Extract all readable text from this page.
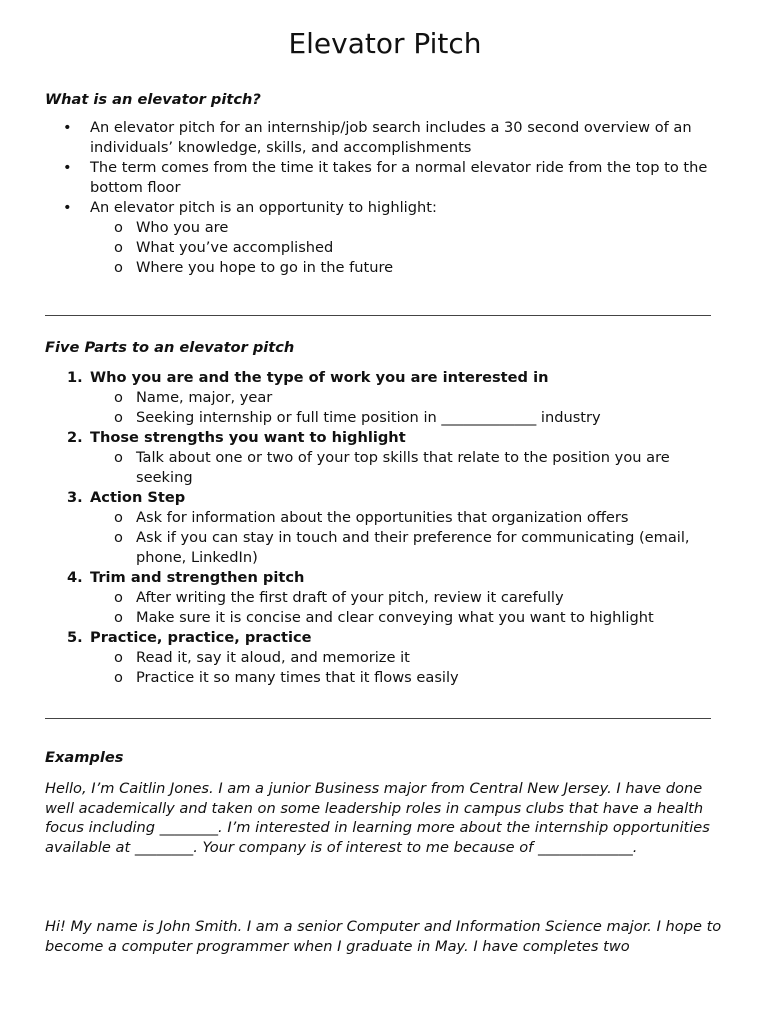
Elevator Pitch
What is an elevator pitch?
• An elevator pitch for an internship/job search includes a 30 second overview of an individuals’ knowledge, skills, and accomplishments
• The term comes from the time it takes for a normal elevator ride from the top to the bottom floor
• An elevator pitch is an opportunity to highlight:
o Who you are
o What you’ve accomplished
o Where you hope to go in the future
Five Parts to an elevator pitch
1. Who you are and the type of work you are interested in
o Name, major, year
o Seeking internship or full time position in _____________ industry
2. Those strengths you want to highlight
o Talk about one or two of your top skills that relate to the position you are seeking
3. Action Step
o Ask for information about the opportunities that organization offers
o Ask if you can stay in touch and their preference for communicating (email, phone, LinkedIn)
4. Trim and strengthen pitch
o After writing the first draft of your pitch, review it carefully
o Make sure it is concise and clear conveying what you want to highlight
5. Practice, practice, practice
o Read it, say it aloud, and memorize it
o Practice it so many times that it flows easily
Examples

Hello, I’m Caitlin Jones. I am a junior Business major from Central New Jersey. I have done well academically and taken on some leadership roles in campus clubs that have a health focus including ________. I’m interested in learning more about the internship opportunities available at ________. Your company is of interest to me because of _____________.

Hi! My name is John Smith. I am a senior Computer and Information Science major. I hope to become a computer programmer when I graduate in May. I have completes two
